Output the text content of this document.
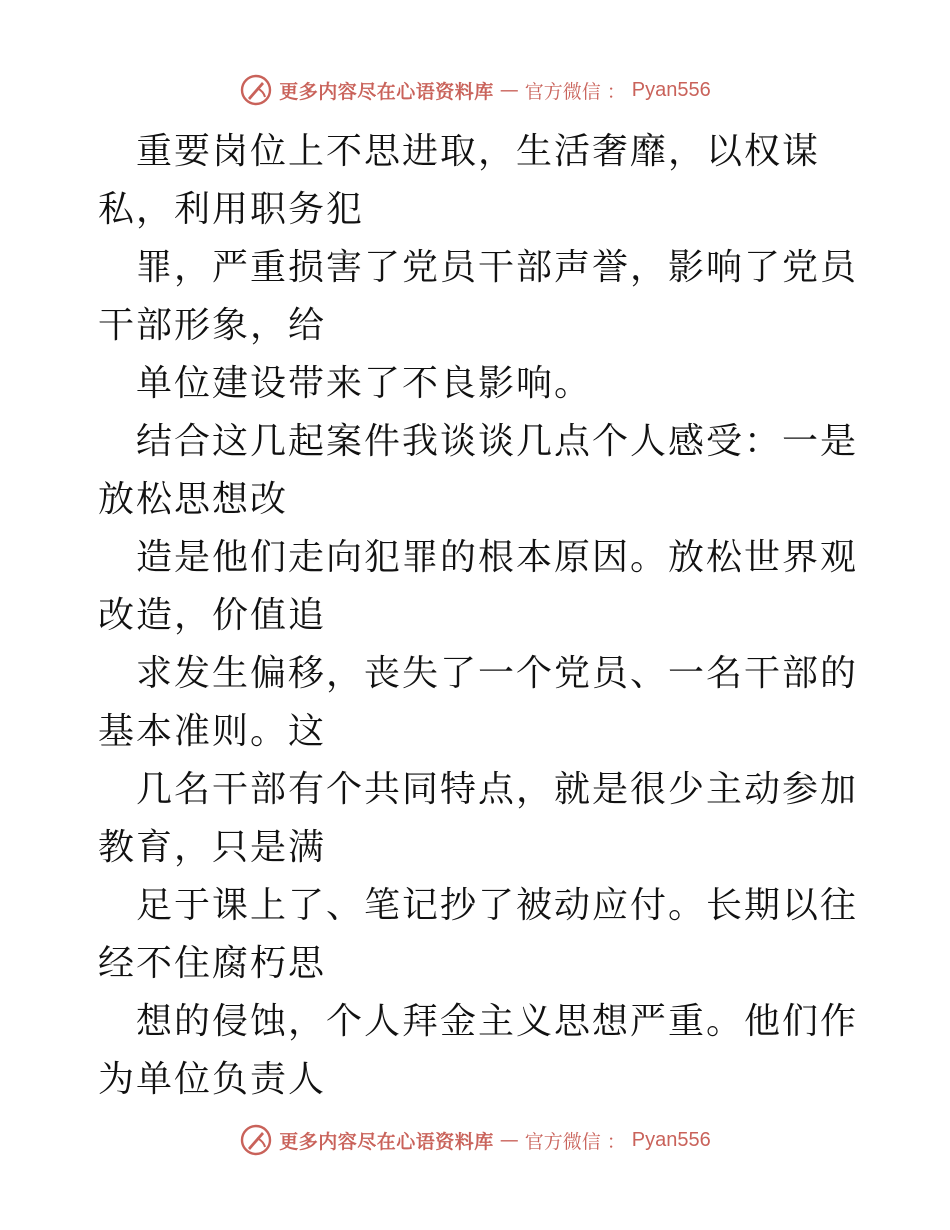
更多内容尽在心语资料库 — 官方微信 ： Pyan556

重要岗位上不思进取，生活奢靡，以权谋私，利用职务犯

罪，严重损害了党员干部声誉，影响了党员干部形象，给

单位建设带来了不良影响。

结合这几起案件我谈谈几点个人感受：一是放松思想改

造是他们走向犯罪的根本原因。放松世界观改造，价值追

求发生偏移，丧失了一个党员、一名干部的基本准则。这

几名干部有个共同特点，就是很少主动参加教育，只是满

足于课上了、笔记抄了被动应付。长期以往经不住腐朽思

想的侵蚀，个人拜金主义思想严重。他们作为单位负责人

更多内容尽在心语资料库 — 官方微信 ： Pyan556
